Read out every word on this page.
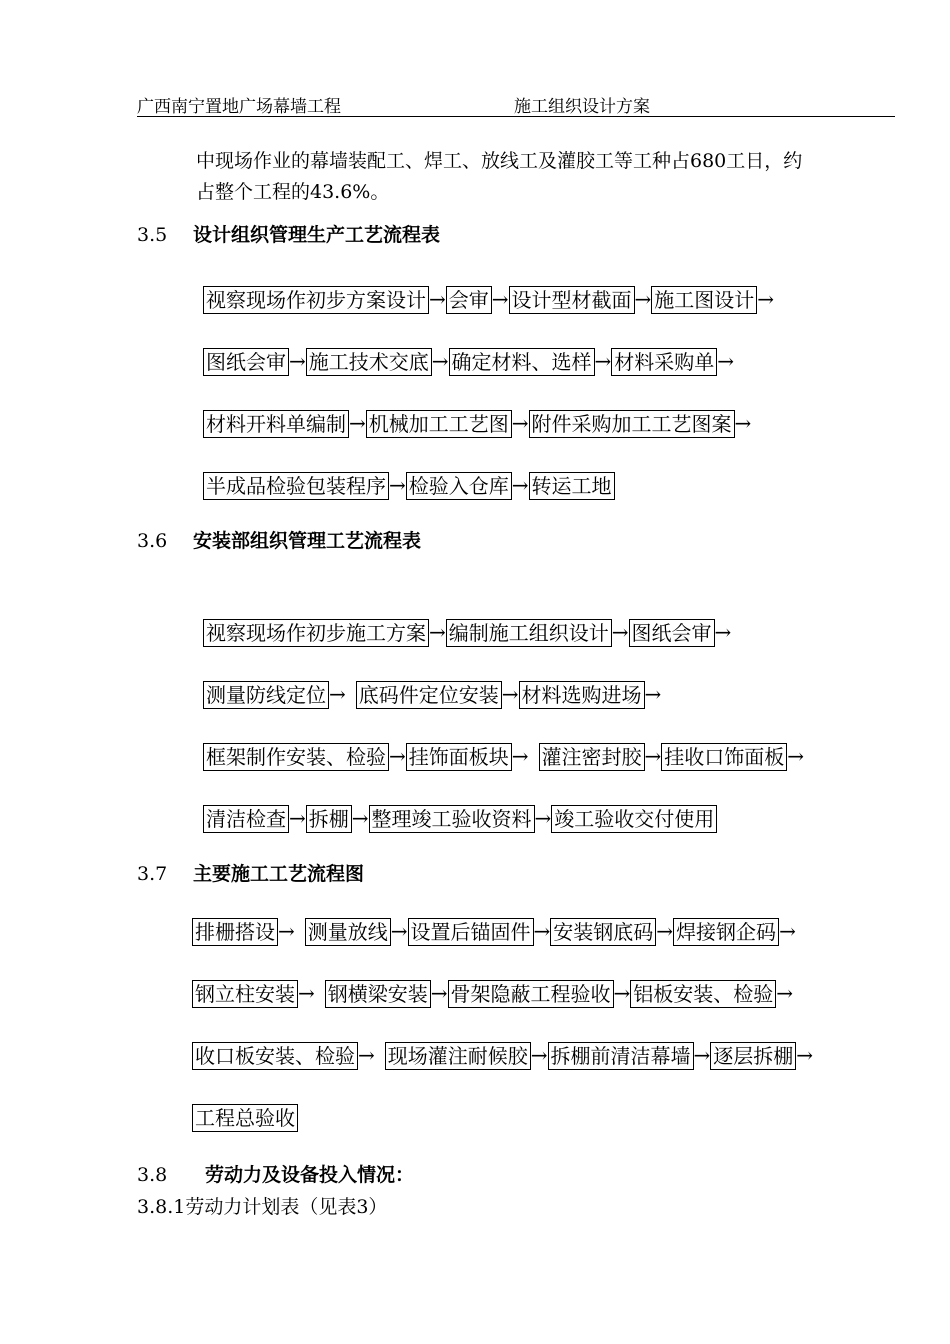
广西南宁置地广场幕墙工程	施工组织设计方案
中现场作业的幕墙装配工、焊工、放线工及灌胶工等工种占680工日，约
占整个工程的43.6%。
3.5 设计组织管理生产工艺流程表
视察现场作初步方案设计 → 会审 → 设计型材截面 → 施工图设计 →
图纸会审 → 施工技术交底 → 确定材料、选样 → 材料采购单 →
材料开料单编制 → 机械加工工艺图 → 附件采购加工工艺图案 →
半成品检验包装程序 → 检验入仓库 → 转运工地
3.6 安装部组织管理工艺流程表
视察现场作初步施工方案 → 编制施工组织设计 → 图纸会审 →
测量防线定位 → 底码件定位安装 → 材料选购进场 →
框架制作安装、检验 → 挂饰面板块 → 灌注密封胶 → 挂收口饰面板 →
清洁检查 → 拆棚 → 整理竣工验收资料 → 竣工验收交付使用
3.7 主要施工工艺流程图
排栅搭设 → 测量放线 → 设置后锚固件 → 安装钢底码 → 焊接钢企码 →
钢立柱安装 → 钢横梁安装 → 骨架隐蔽工程验收 → 铝板安装、检验 →
收口板安装、检验 → 现场灌注耐候胶 → 拆棚前清洁幕墙 → 逐层拆棚 →
工程总验收
3.8 劳动力及设备投入情况：
3.8.1劳动力计划表（见表3）
